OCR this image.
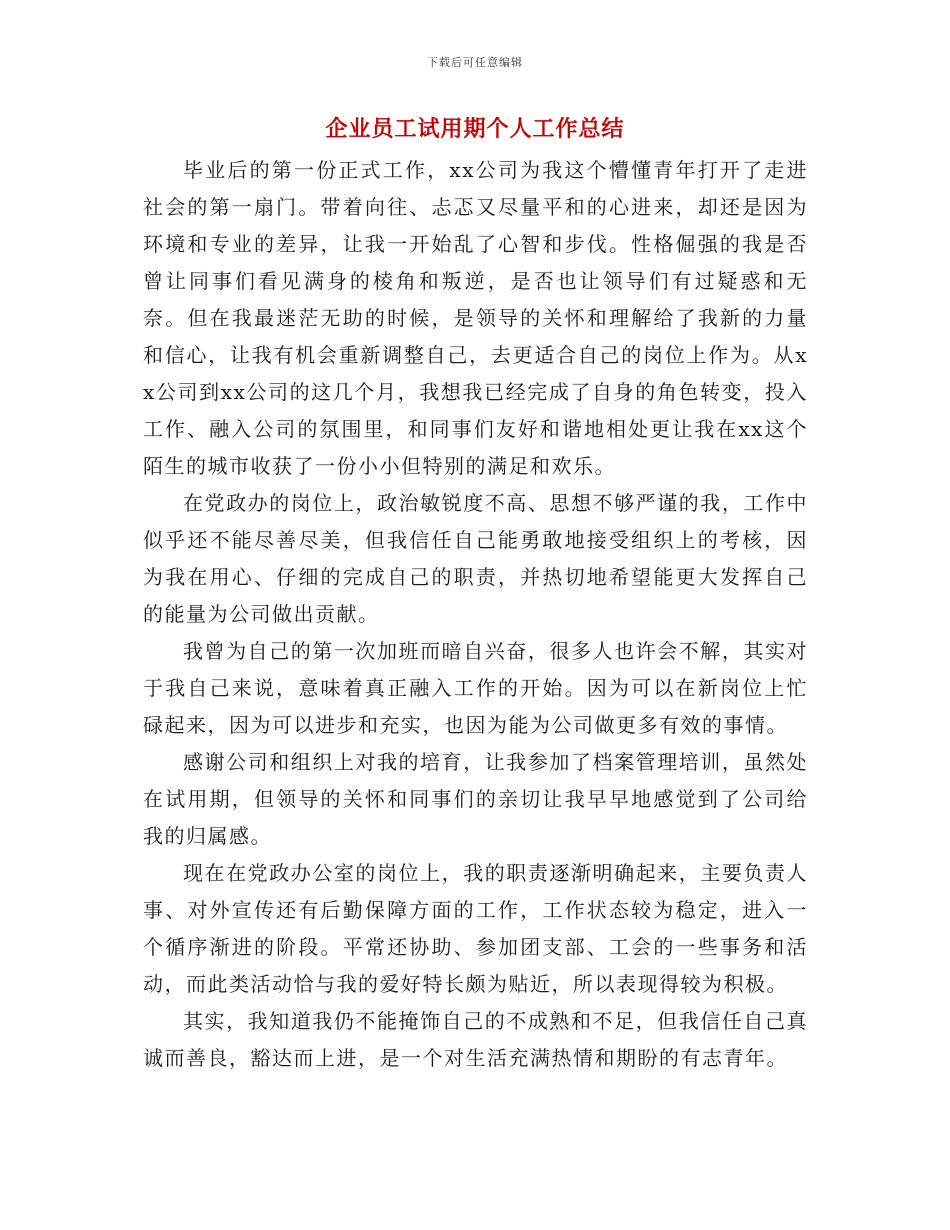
下载后可任意编辑
企业员工试用期个人工作总结

毕业后的第一份正式工作，xx公司为我这个懵懂青年打开了走进社会的第一扇门。带着向往、忐忑又尽量平和的心进来，却还是因为环境和专业的差异，让我一开始乱了心智和步伐。性格倔强的我是否曾让同事们看见满身的棱角和叛逆，是否也让领导们有过疑惑和无奈。但在我最迷茫无助的时候，是领导的关怀和理解给了我新的力量和信心，让我有机会重新调整自己，去更适合自己的岗位上作为。从xx公司到xx公司的这几个月，我想我已经完成了自身的角色转变，投入工作、融入公司的氛围里，和同事们友好和谐地相处更让我在xx这个陌生的城市收获了一份小小但特别的满足和欢乐。

在党政办的岗位上，政治敏锐度不高、思想不够严谨的我，工作中似乎还不能尽善尽美，但我信任自己能勇敢地接受组织上的考核，因为我在用心、仔细的完成自己的职责，并热切地希望能更大发挥自己的能量为公司做出贡献。

我曾为自己的第一次加班而暗自兴奋，很多人也许会不解，其实对于我自己来说，意味着真正融入工作的开始。因为可以在新岗位上忙碌起来，因为可以进步和充实，也因为能为公司做更多有效的事情。

感谢公司和组织上对我的培育，让我参加了档案管理培训，虽然处在试用期，但领导的关怀和同事们的亲切让我早早地感觉到了公司给我的归属感。

现在在党政办公室的岗位上，我的职责逐渐明确起来，主要负责人事、对外宣传还有后勤保障方面的工作，工作状态较为稳定，进入一个循序渐进的阶段。平常还协助、参加团支部、工会的一些事务和活动，而此类活动恰与我的爱好特长颇为贴近，所以表现得较为积极。

其实，我知道我仍不能掩饰自己的不成熟和不足，但我信任自己真诚而善良，豁达而上进，是一个对生活充满热情和期盼的有志青年。
